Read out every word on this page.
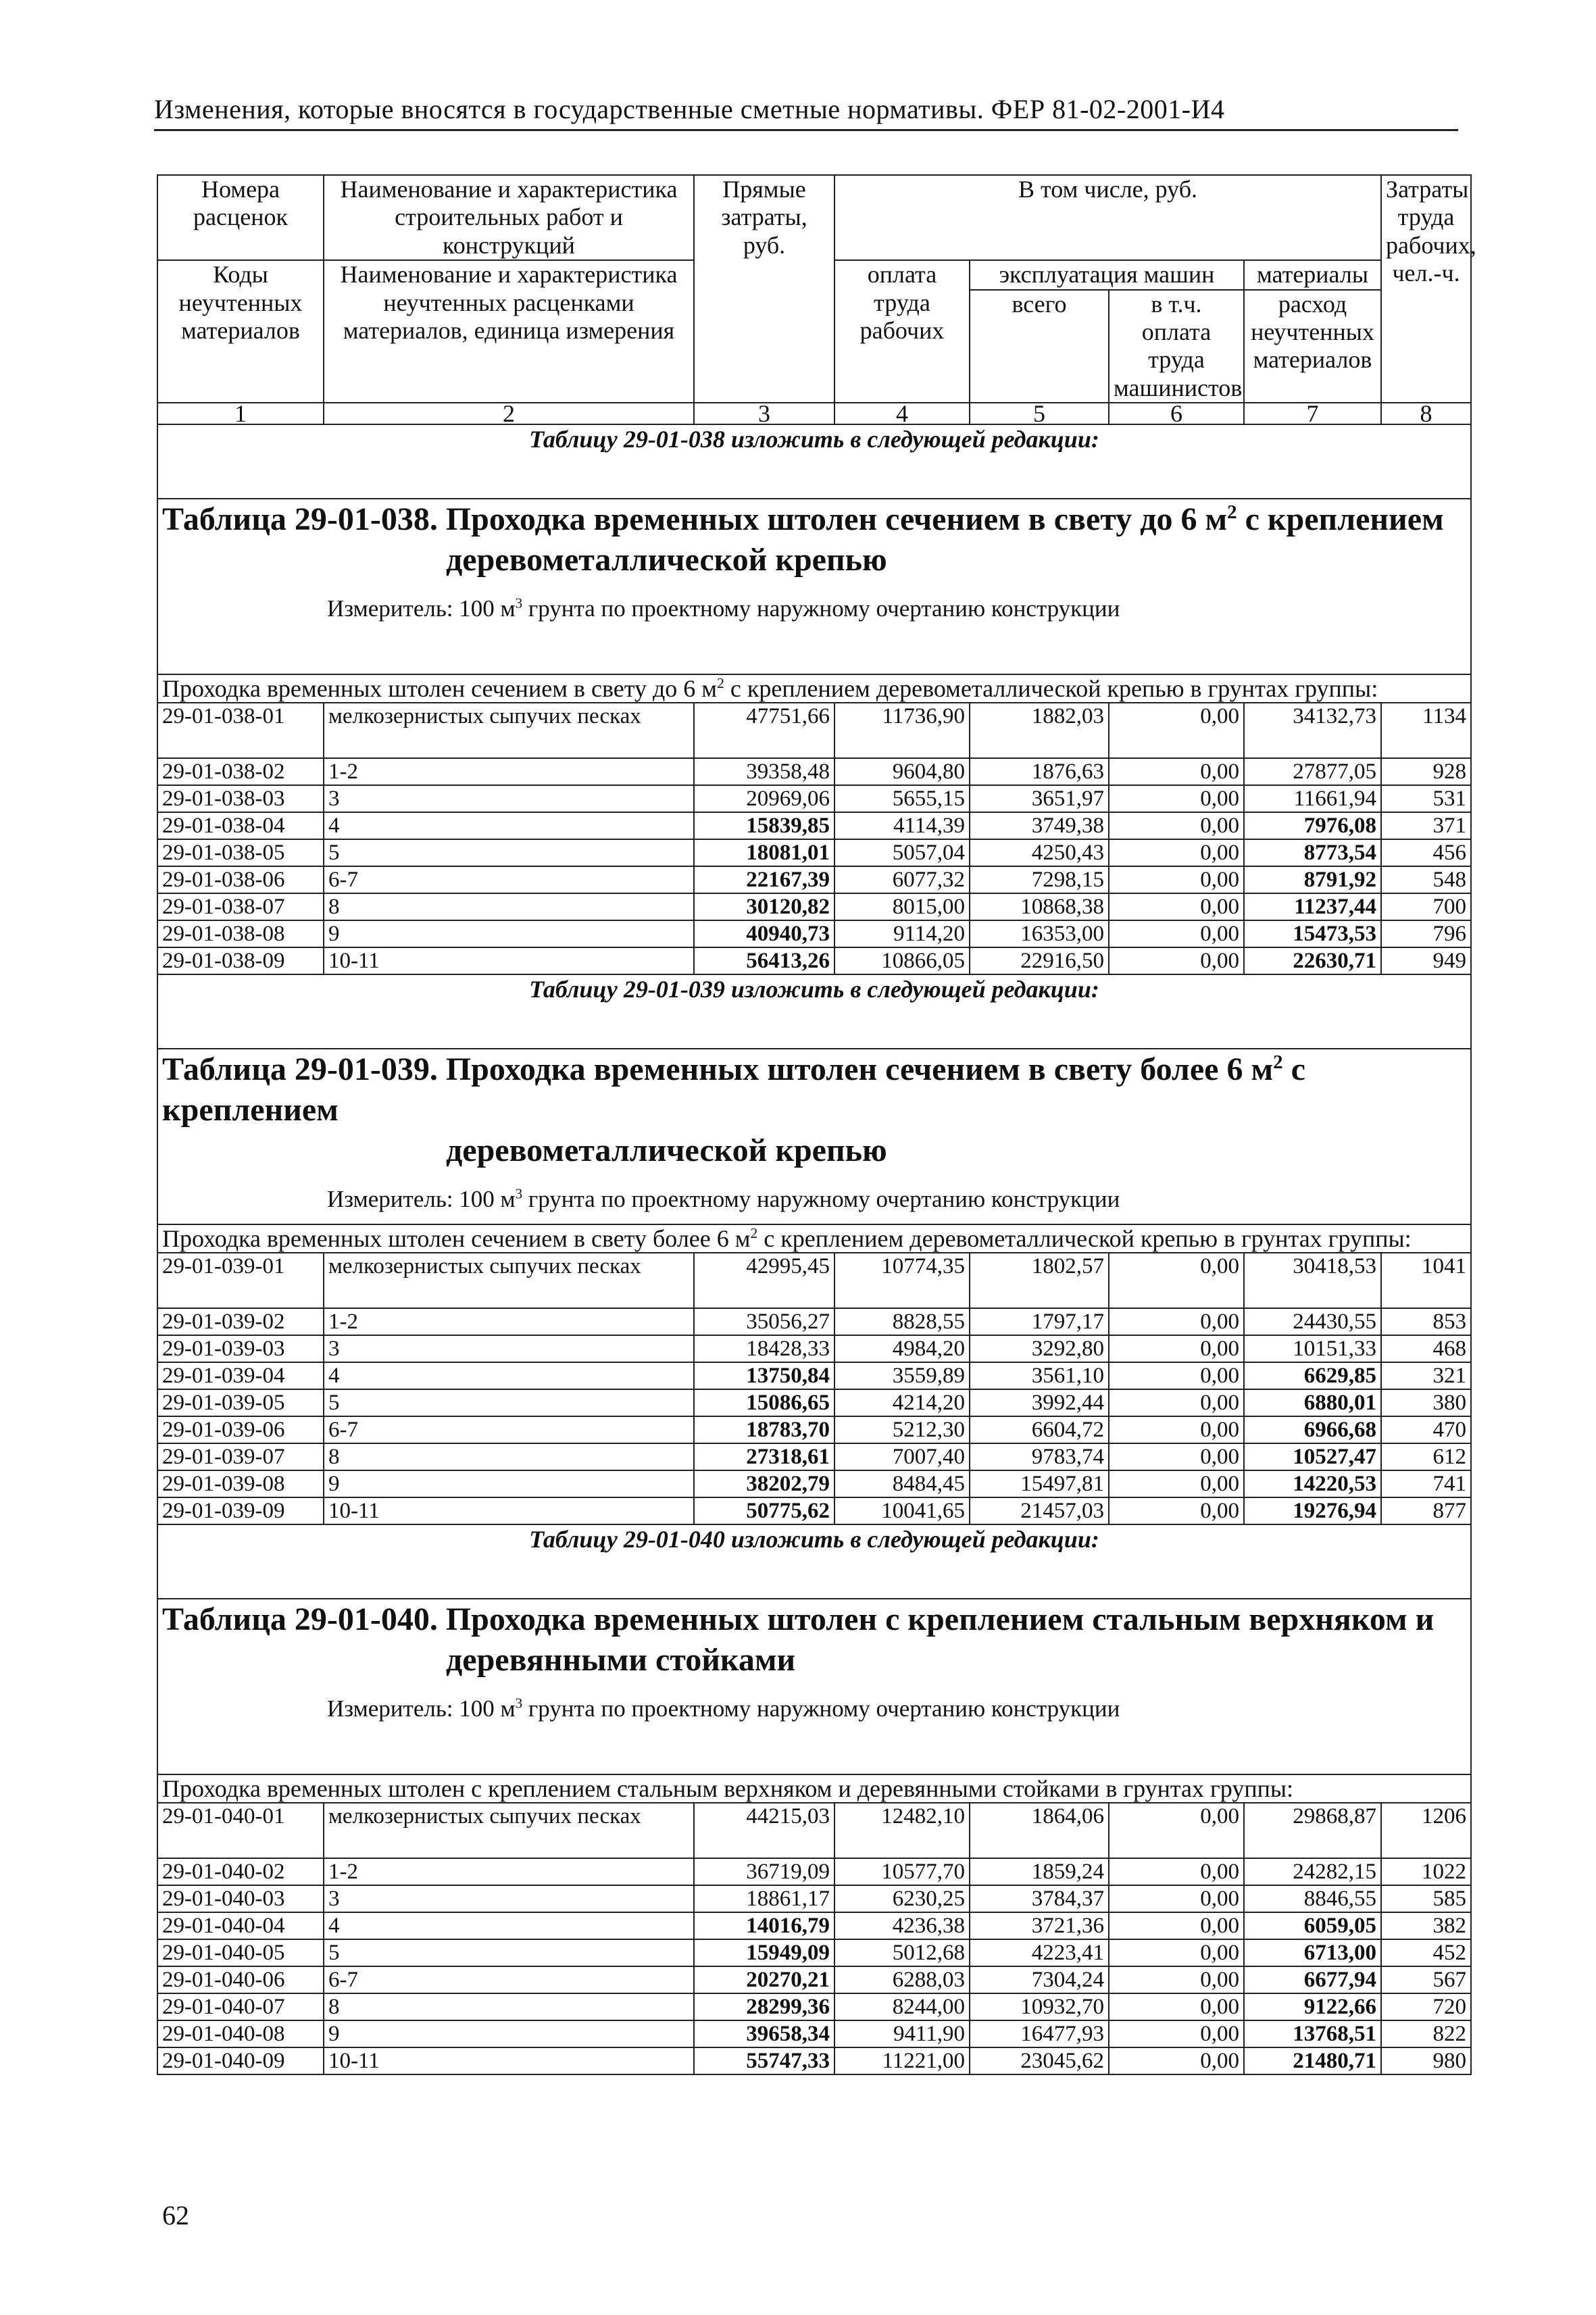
Изменения, которые вносятся в государственные сметные нормативы. ФЕР 81-02-2001-И4
Номера расценок	Наименование и характеристика строительных работ и конструкций	Прямые затраты, руб.	В том числе, руб.				Затраты труда рабочих, чел.-ч.
Коды неучтенных материалов	Наименование и характеристика неучтенных расценками материалов, единица измерения		оплата труда рабочих	эксплуатация машин		материалы	
				всего	в т.ч. оплата труда машинистов	расход неучтенных материалов	
1	2	3	4	5	6	7	8
Таблицу 29-01-038 изложить в следующей редакции:							

Таблица 29-01-038. Проходка временных штолен сечением в свету до 6 $м^2$ с креплением
деревометаллической крепью
Измеритель: 100 $м^3$ грунта по проектному наружному очертанию конструкции							

Проходка временных штолен сечением в свету до 6 $м^2$ с креплением деревометаллической крепью в грунтах группы:							
29-01-038-01	мелкозернистых сыпучих песках	47751,66	11736,90	1882,03	0,00	34132,73	1134
29-01-038-02	1-2	39358,48	9604,80	1876,63	0,00	27877,05	928
29-01-038-03	3	20969,06	5655,15	3651,97	0,00	11661,94	531
29-01-038-04	4	15839,85	4114,39	3749,38	0,00	7976,08	371
29-01-038-05	5	18081,01	5057,04	4250,43	0,00	8773,54	456
29-01-038-06	6-7	22167,39	6077,32	7298,15	0,00	8791,92	548
29-01-038-07	8	30120,82	8015,00	10868,38	0,00	11237,44	700
29-01-038-08	9	40940,73	9114,20	16353,00	0,00	15473,53	796
29-01-038-09	10-11	56413,26	10866,05	22916,50	0,00	22630,71	949
Таблицу 29-01-039 изложить в следующей редакции:							

Таблица 29-01-039. Проходка временных штолен сечением в свету более 6 $м^2$ с креплением
деревометаллической крепью
Измеритель: 100 $м^3$ грунта по проектному наружному очертанию конструкции							

Проходка временных штолен сечением в свету более 6 $м^2$ с креплением деревометаллической крепью в грунтах группы:							
29-01-039-01	мелкозернистых сыпучих песках	42995,45	10774,35	1802,57	0,00	30418,53	1041
29-01-039-02	1-2	35056,27	8828,55	1797,17	0,00	24430,55	853
29-01-039-03	3	18428,33	4984,20	3292,80	0,00	10151,33	468
29-01-039-04	4	13750,84	3559,89	3561,10	0,00	6629,85	321
29-01-039-05	5	15086,65	4214,20	3992,44	0,00	6880,01	380
29-01-039-06	6-7	18783,70	5212,30	6604,72	0,00	6966,68	470
29-01-039-07	8	27318,61	7007,40	9783,74	0,00	10527,47	612
29-01-039-08	9	38202,79	8484,45	15497,81	0,00	14220,53	741
29-01-039-09	10-11	50775,62	10041,65	21457,03	0,00	19276,94	877
Таблицу 29-01-040 изложить в следующей редакции:							

Таблица 29-01-040. Проходка временных штолен с креплением стальным верхняком и
деревянными стойками
Измеритель: 100 $м^3$ грунта по проектному наружному очертанию конструкции							

Проходка временных штолен с креплением стальным верхняком и деревянными стойками в грунтах группы:							
29-01-040-01	мелкозернистых сыпучих песках	44215,03	12482,10	1864,06	0,00	29868,87	1206
29-01-040-02	1-2	36719,09	10577,70	1859,24	0,00	24282,15	1022
29-01-040-03	3	18861,17	6230,25	3784,37	0,00	8846,55	585
29-01-040-04	4	14016,79	4236,38	3721,36	0,00	6059,05	382
29-01-040-05	5	15949,09	5012,68	4223,41	0,00	6713,00	452
29-01-040-06	6-7	20270,21	6288,03	7304,24	0,00	6677,94	567
29-01-040-07	8	28299,36	8244,00	10932,70	0,00	9122,66	720
29-01-040-08	9	39658,34	9411,90	16477,93	0,00	13768,51	822
29-01-040-09	10-11	55747,33	11221,00	23045,62	0,00	21480,71	980
62
